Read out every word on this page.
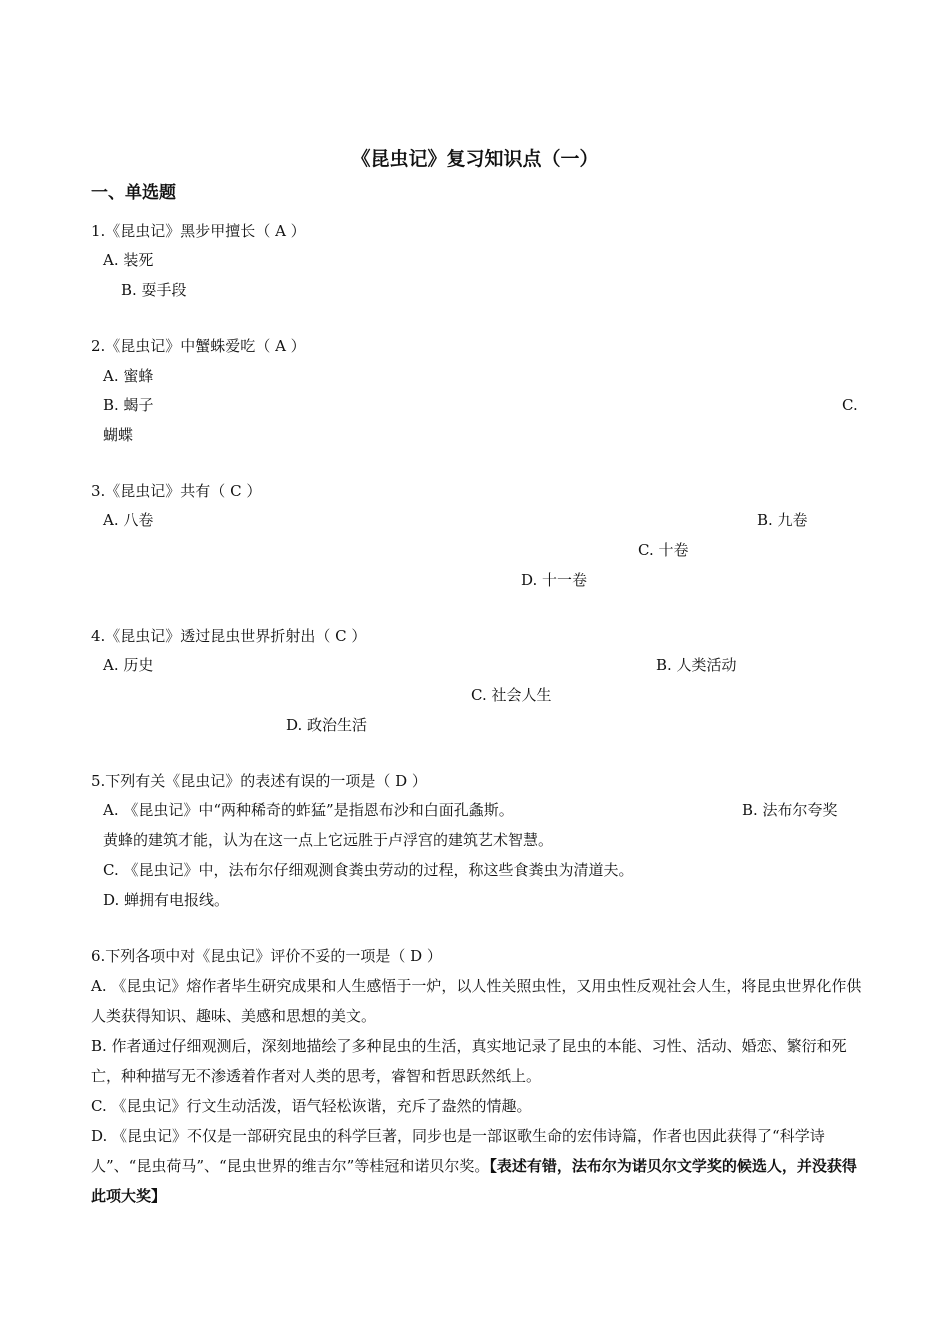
《昆虫记》复习知识点（一）
一、单选题
1.《昆虫记》黑步甲擅长（ A ）
A. 装死
B. 耍手段
2.《昆虫记》中蟹蛛爱吃（ A ）
A. 蜜蜂
B. 蝎子	C.
蝴蝶
3.《昆虫记》共有（ C ）
A. 八卷	B. 九卷
C. 十卷
D. 十一卷
4.《昆虫记》透过昆虫世界折射出（ C ）
A. 历史	B. 人类活动
C. 社会人生
D. 政治生活
5.下列有关《昆虫记》的表述有误的一项是（ D ）
A. 《昆虫记》中“两种稀奇的蚱猛”是指恩布沙和白面孔螽斯。	B. 法布尔夸奖
黄蜂的建筑才能，认为在这一点上它远胜于卢浮宫的建筑艺术智慧。
C. 《昆虫记》中，法布尔仔细观测食粪虫劳动的过程，称这些食粪虫为清道夫。
D. 蝉拥有电报线。
6.下列各项中对《昆虫记》评价不妥的一项是（ D ）
A. 《昆虫记》熔作者毕生研究成果和人生感悟于一炉，以人性关照虫性，又用虫性反观社会人生，将昆虫世界化作供人类获得知识、趣味、美感和思想的美文。
B. 作者通过仔细观测后，深刻地描绘了多种昆虫的生活，真实地记录了昆虫的本能、习性、活动、婚恋、繁衍和死亡，种种描写无不渗透着作者对人类的思考，睿智和哲思跃然纸上。
C. 《昆虫记》行文生动活泼，语气轻松诙谐，充斥了盎然的情趣。
D. 《昆虫记》不仅是一部研究昆虫的科学巨著，同步也是一部讴歌生命的宏伟诗篇，作者也因此获得了“科学诗人”、“昆虫荷马”、“昆虫世界的维吉尔”等桂冠和诺贝尔奖。【表述有错，法布尔为诺贝尔文学奖的候选人，并没获得此项大奖】
